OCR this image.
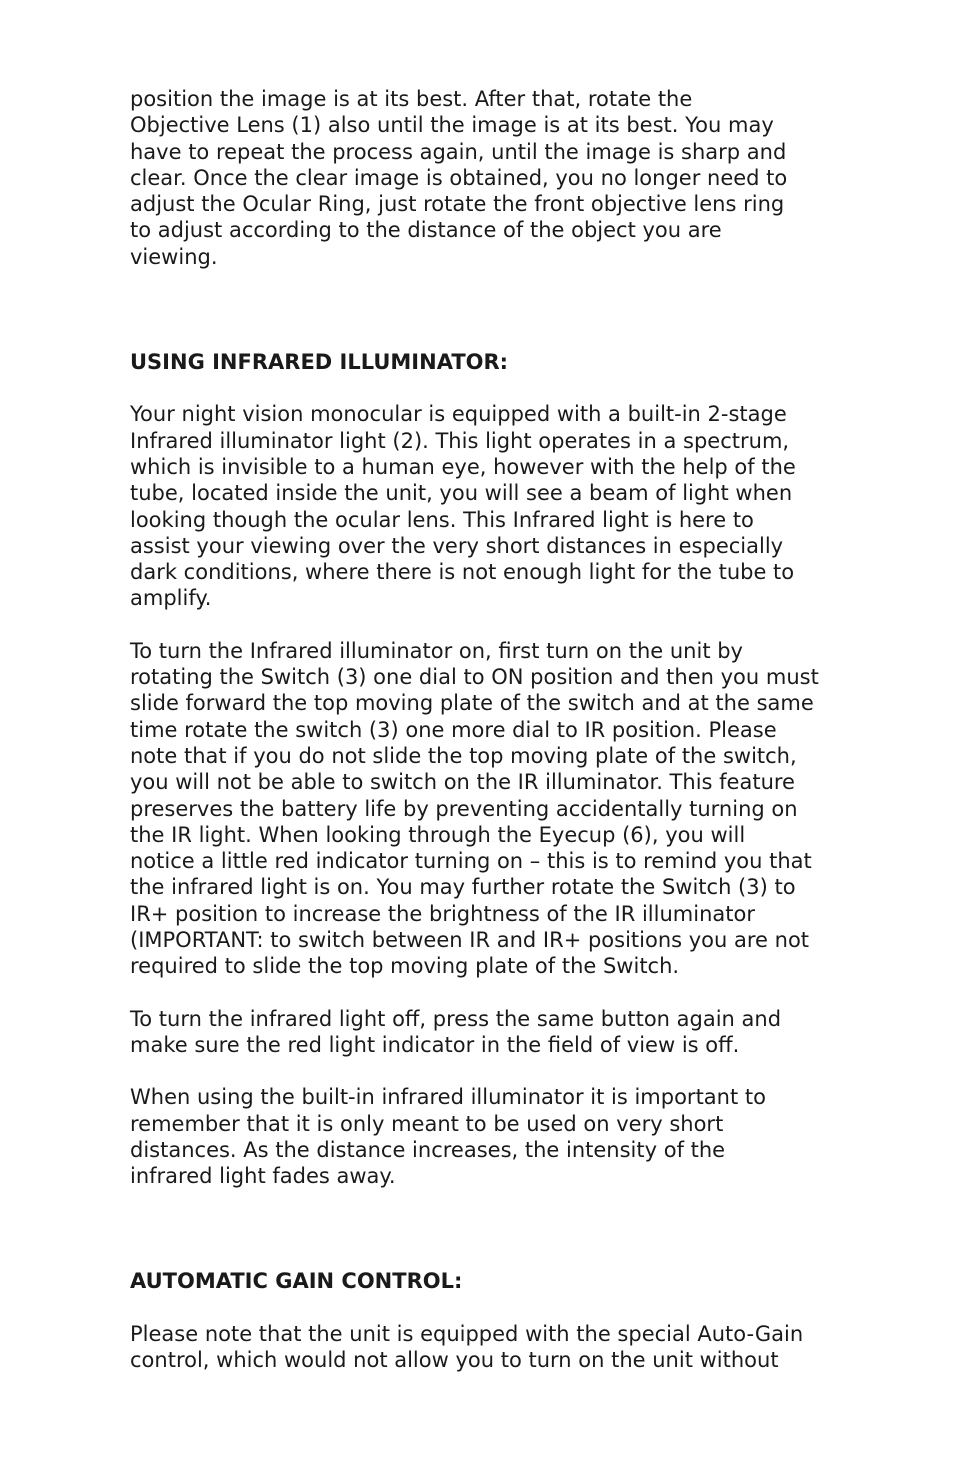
position the image is at its best. After that, rotate the
Objective Lens (1) also until the image is at its best. You may
have to repeat the process again, until the image is sharp and
clear. Once the clear image is obtained, you no longer need to
adjust the Ocular Ring, just rotate the front objective lens ring
to adjust according to the distance of the object you are
viewing.

USING INFRARED ILLUMINATOR:

Your night vision monocular is equipped with a built-in 2-stage
Infrared illuminator light (2). This light operates in a spectrum,
which is invisible to a human eye, however with the help of the
tube, located inside the unit, you will see a beam of light when
looking though the ocular lens. This Infrared light is here to
assist your viewing over the very short distances in especially
dark conditions, where there is not enough light for the tube to
amplify.

To turn the Infrared illuminator on, first turn on the unit by
rotating the Switch (3) one dial to ON position and then you must
slide forward the top moving plate of the switch and at the same
time rotate the switch (3) one more dial to IR position. Please
note that if you do not slide the top moving plate of the switch,
you will not be able to switch on the IR illuminator. This feature
preserves the battery life by preventing accidentally turning on
the IR light. When looking through the Eyecup (6), you will
notice a little red indicator turning on – this is to remind you that
the infrared light is on. You may further rotate the Switch (3) to
IR+ position to increase the brightness of the IR illuminator
(IMPORTANT: to switch between IR and IR+ positions you are not
required to slide the top moving plate of the Switch.

To turn the infrared light off, press the same button again and
make sure the red light indicator in the field of view is off.

When using the built-in infrared illuminator it is important to
remember that it is only meant to be used on very short
distances. As the distance increases, the intensity of the
infrared light fades away.

AUTOMATIC GAIN CONTROL:

Please note that the unit is equipped with the special Auto-Gain
control, which would not allow you to turn on the unit without
